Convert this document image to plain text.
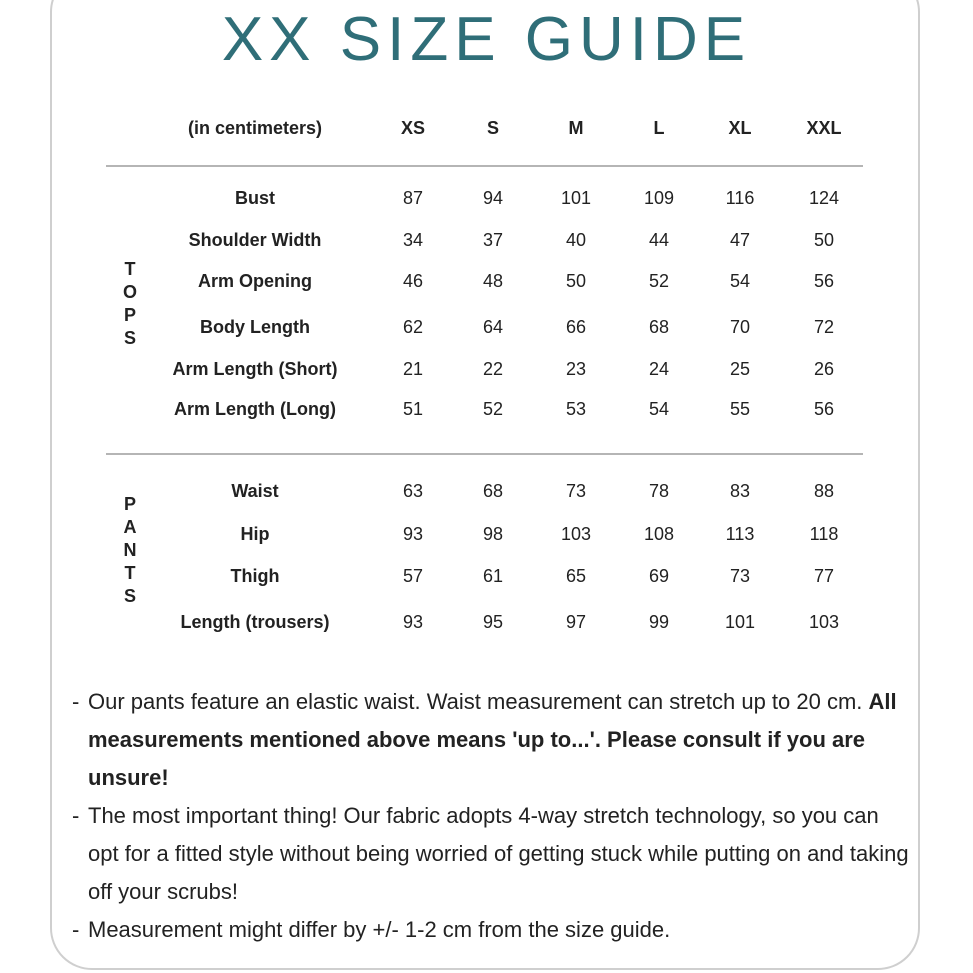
XX SIZE GUIDE
(in centimeters)	XS	S	M	L	XL	XXL
T
O
P
S
Bust	87	94	101	109	116	124
Shoulder Width	34	37	40	44	47	50
Arm Opening	46	48	50	52	54	56
Body Length	62	64	66	68	70	72
Arm Length (Short)	21	22	23	24	25	26
Arm Length (Long)	51	52	53	54	55	56
P
A
N
T
S
Waist	63	68	73	78	83	88
Hip	93	98	103	108	113	118
Thigh	57	61	65	69	73	77
Length (trousers)	93	95	97	99	101	103

- Our pants feature an elastic waist. Waist measurement can stretch up to 20 cm. All measurements mentioned above means 'up to...'. Please consult if you are unsure!

- The most important thing! Our fabric adopts 4-way stretch technology, so you can opt for a fitted style without being worried of getting stuck while putting on and taking off your scrubs!

- Measurement might differ by +/- 1-2 cm from the size guide.
